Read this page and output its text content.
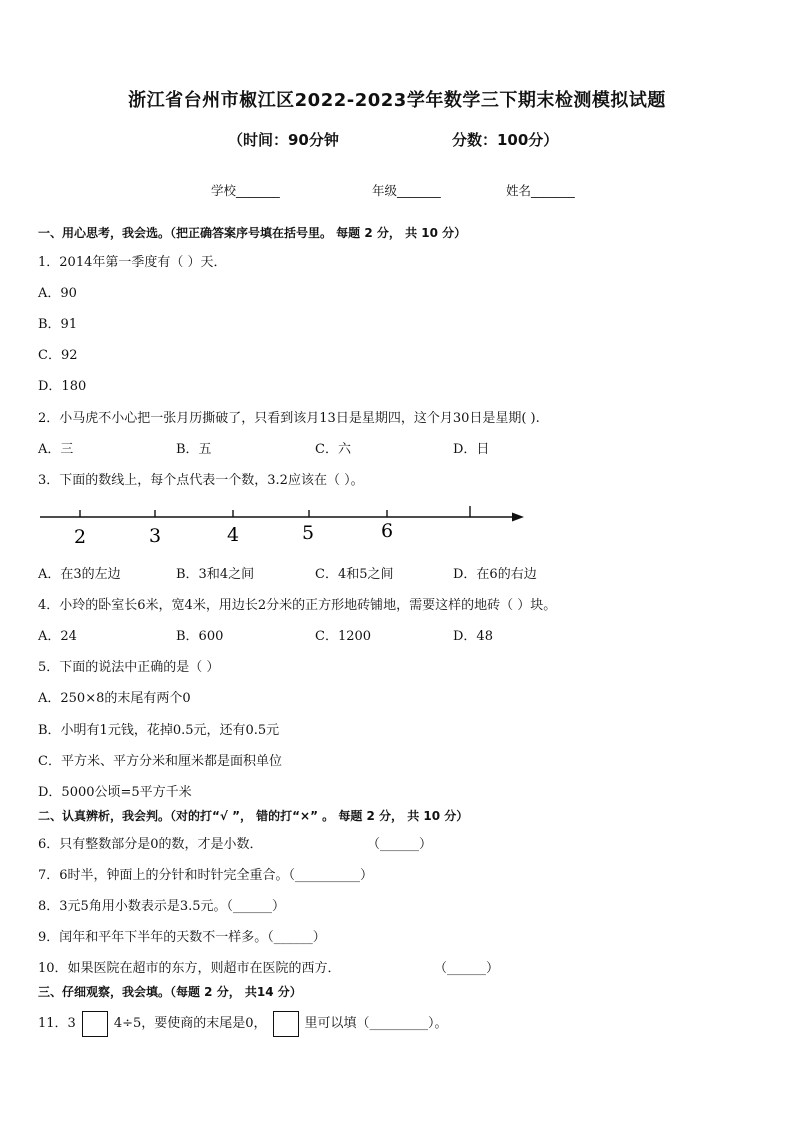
浙江省台州市椒江区2022-2023学年数学三下期末检测模拟试题
（时间：90分钟	分数：100分）
学校_______	年级_______	姓名_______
一、用心思考，我会选。（把正确答案序号填在括号里。 每题 2 分， 共 10 分）
1．2014年第一季度有（ ）天．
A．90
B．91
C．92
D．180
2．小马虎不小心把一张月历撕破了，只看到该月13日是星期四，这个月30日是星期( ).
A．三	B．五	C．六	D．日
3．下面的数线上，每个点代表一个数，3.2应该在（ ）。
2	3	4	5	6
A．在3的左边	B．3和4之间	C．4和5之间	D．在6的右边
4．小玲的卧室长6米，宽4米，用边长2分米的正方形地砖铺地，需要这样的地砖（ ）块。
A．24	B．600	C．1200	D．48
5．下面的说法中正确的是（ ）
A．250×8的末尾有两个0
B．小明有1元钱，花掉0.5元，还有0.5元
C．平方米、平方分米和厘米都是面积单位
D．5000公顷=5平方千米
二、认真辨析，我会判。（对的打“√ ”， 错的打“×” 。 每题 2 分， 共 10 分）
6．只有整数部分是0的数，才是小数．	（______）
7．6时半，钟面上的分针和时针完全重合。（__________）
8．3元5角用小数表示是3.5元。（______）
9．闰年和平年下半年的天数不一样多。（______）
10．如果医院在超市的东方，则超市在医院的西方．	（______）
三、仔细观察，我会填。（每题 2 分， 共14 分）
11．3	4÷5，要使商的末尾是0，	里可以填（_________）。
